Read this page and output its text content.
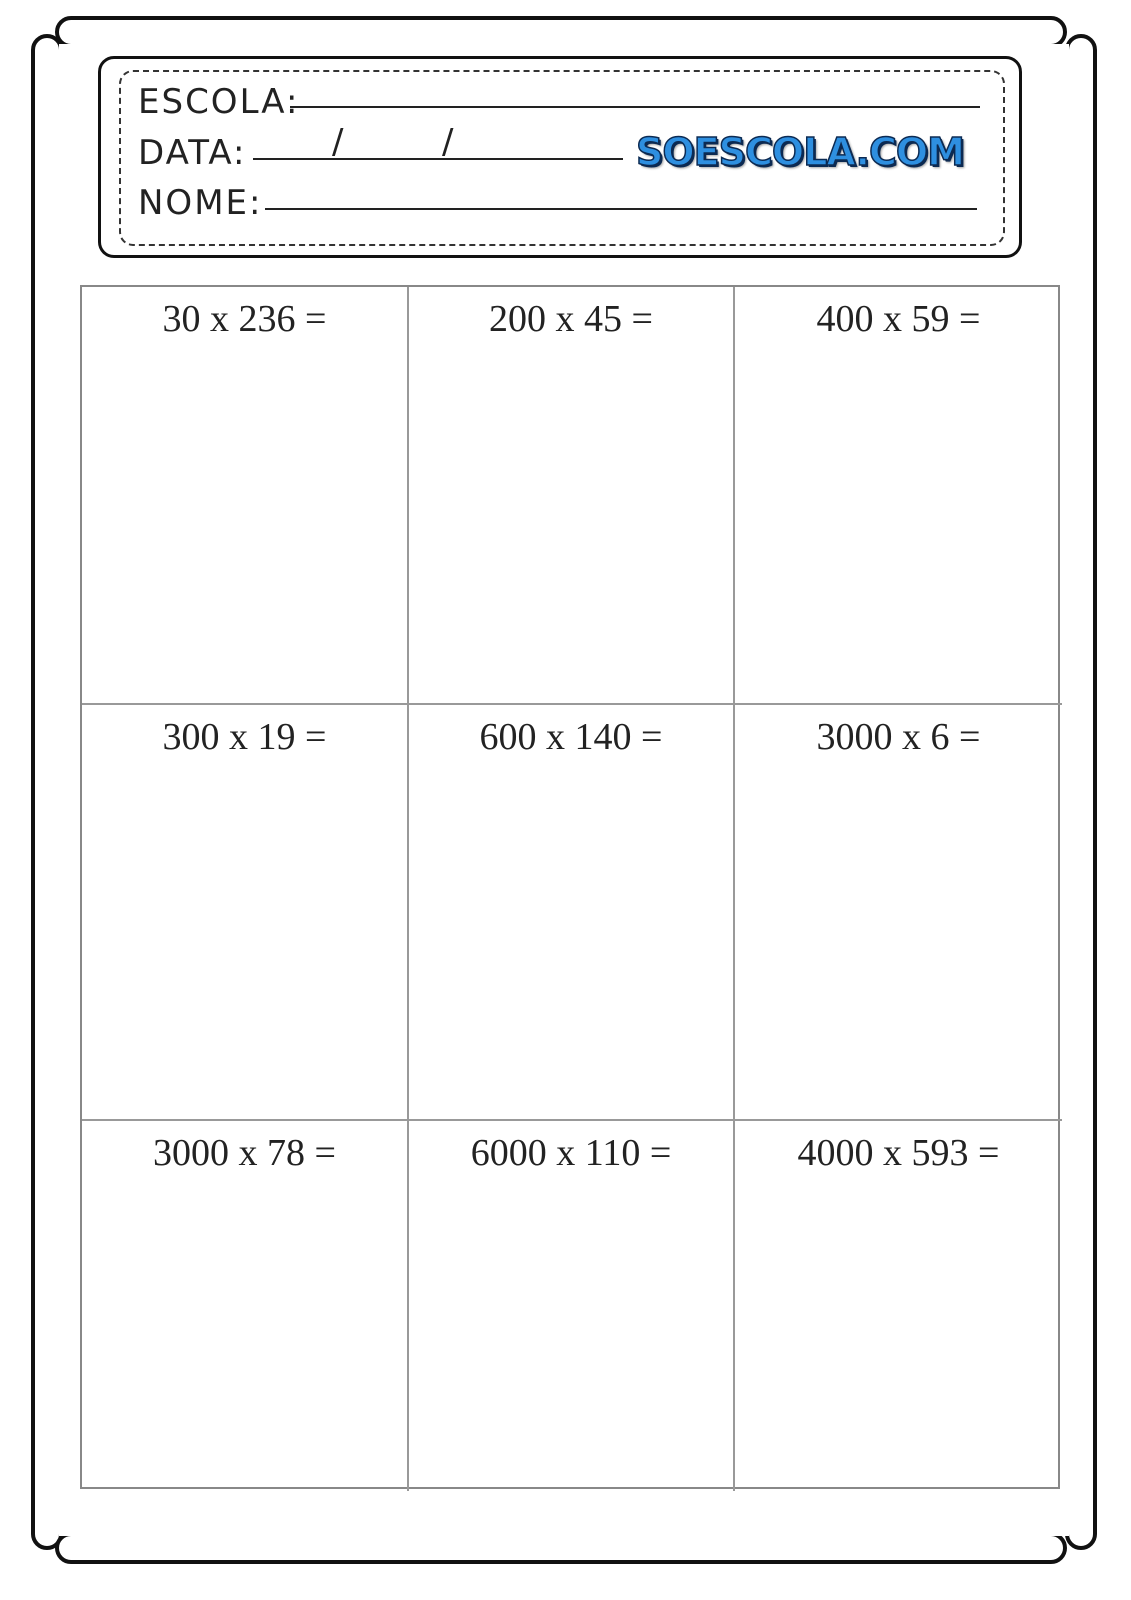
ESCOLA:
DATA:	/	/
NOME:
SOESCOLA.COM
30 x 236 =	200 x 45 =	400 x 59 =
300 x 19 =	600 x 140 =	3000 x 6 =
3000 x 78 =	6000 x 110 =	4000 x 593 =
